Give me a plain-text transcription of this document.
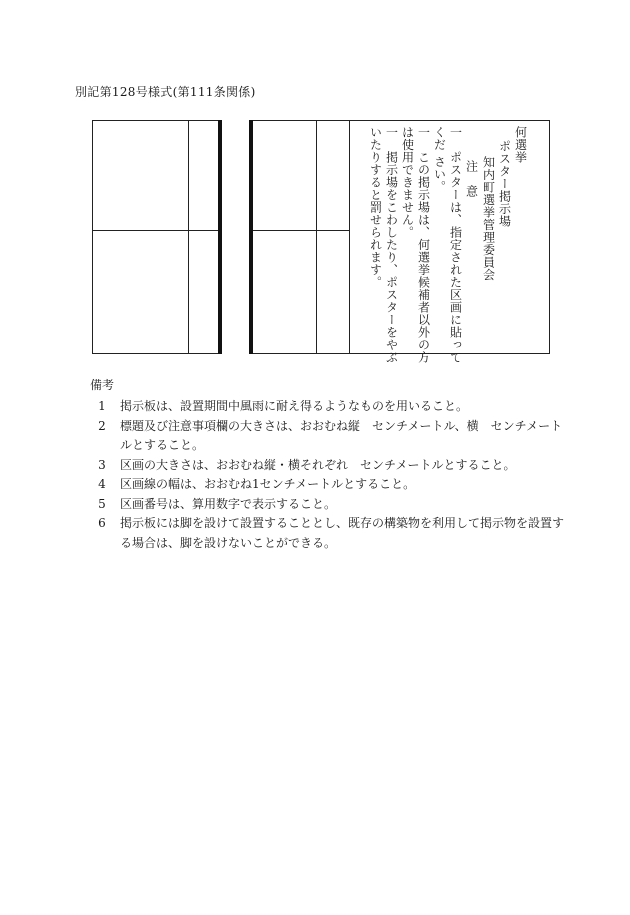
別記第128号様式(第111条関係)
何選挙
ポスター掲示場
知内町選挙管理委員会
注　意
一　ポスターは、指定された区画に貼って
くだ さい。
一　この掲示場は、何選挙候補者以外の方
は使用できません。
一　掲示場をこわしたり、ポスターをやぶ
いたりすると罰せられます。
備考
1 掲示板は、設置期間中風雨に耐え得るようなものを用いること。
2 標題及び注意事項欄の大きさは、おおむね縦　センチメートル、横　センチメートルとすること。
3 区画の大きさは、おおむね縦・横それぞれ　センチメートルとすること。
4 区画線の幅は、おおむね1センチメートルとすること。
5 区画番号は、算用数字で表示すること。
6 掲示板には脚を設けて設置することとし、既存の構築物を利用して掲示物を設置する場合は、脚を設けないことができる。
